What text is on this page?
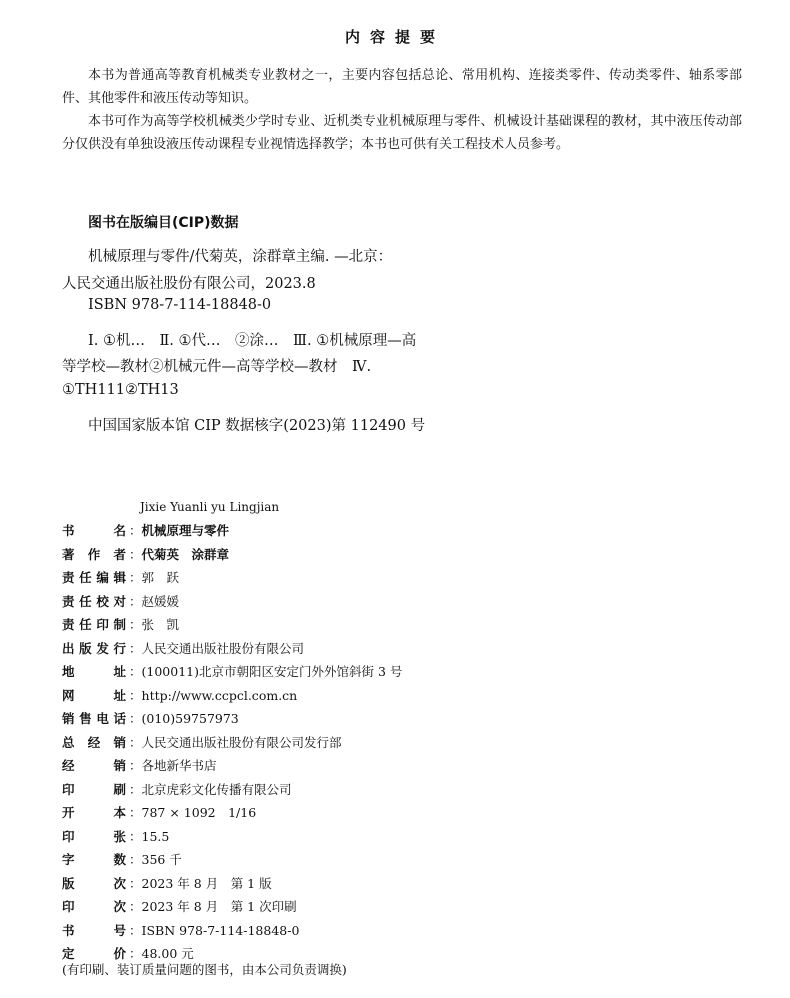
内容提要
本书为普通高等教育机械类专业教材之一，主要内容包括总论、常用机构、连接类零件、传动类零件、轴系零部件、其他零件和液压传动等知识。
本书可作为高等学校机械类少学时专业、近机类专业机械原理与零件、机械设计基础课程的教材，其中液压传动部分仅供没有单独设液压传动课程专业视情选择教学；本书也可供有关工程技术人员参考。
图书在版编目(CIP)数据
机械原理与零件/代菊英，涂群章主编. —北京：
人民交通出版社股份有限公司，2023.8
ISBN 978-7-114-18848-0
Ⅰ. ①机…　Ⅱ. ①代…　②涂…　Ⅲ. ①机械原理—高
等学校—教材②机械元件—高等学校—教材　Ⅳ.
①TH111②TH13
中国国家版本馆 CIP 数据核字(2023)第 112490 号
Jixie Yuanli yu Lingjian
书	名 ： 机械原理与零件
著 作 者 ： 代菊英　涂群章
责 任 编 辑 ： 郭　跃
责 任 校 对 ： 赵媛媛
责 任 印 制 ： 张　凯
出 版 发 行 ： 人民交通出版社股份有限公司
地	址 ： (100011)北京市朝阳区安定门外外馆斜街 3 号
网	址 ： http://www.ccpcl.com.cn
销 售 电 话 ： (010)59757973
总 经 销 ： 人民交通出版社股份有限公司发行部
经	销 ： 各地新华书店
印	刷 ： 北京虎彩文化传播有限公司
开	本 ： 787 × 1092　1/16
印	张 ： 15.5
字	数 ： 356 千
版	次 ： 2023 年 8 月　第 1 版
印	次 ： 2023 年 8 月　第 1 次印刷
书	号 ： ISBN 978-7-114-18848-0
定	价 ： 48.00 元
(有印刷、装订质量问题的图书，由本公司负责调换)
